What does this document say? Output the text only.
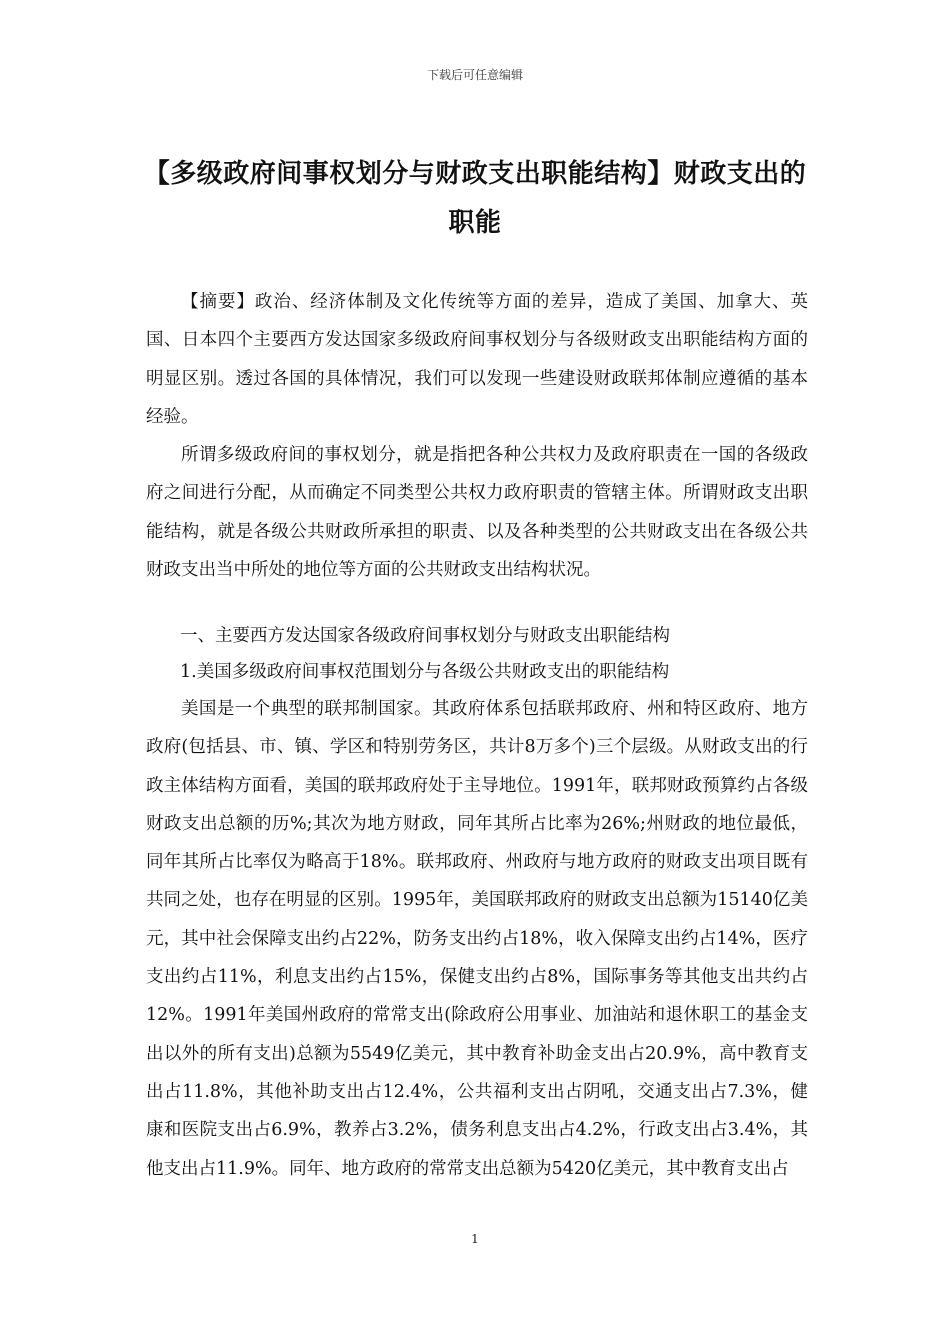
下载后可任意编辑
【多级政府间事权划分与财政支出职能结构】财政支出的
职能

【摘要】政治、经济体制及文化传统等方面的差异，造成了美国、加拿大、英国、日本四个主要西方发达国家多级政府间事权划分与各级财政支出职能结构方面的明显区别。透过各国的具体情况，我们可以发现一些建设财政联邦体制应遵循的基本经验。

所谓多级政府间的事权划分，就是指把各种公共权力及政府职责在一国的各级政府之间进行分配，从而确定不同类型公共权力政府职责的管辖主体。所谓财政支出职能结构，就是各级公共财政所承担的职责、以及各种类型的公共财政支出在各级公共财政支出当中所处的地位等方面的公共财政支出结构状况。

一、主要西方发达国家各级政府间事权划分与财政支出职能结构

1.美国多级政府间事权范围划分与各级公共财政支出的职能结构

美国是一个典型的联邦制国家。其政府体系包括联邦政府、州和特区政府、地方政府(包括县、市、镇、学区和特别劳务区，共计8万多个)三个层级。从财政支出的行政主体结构方面看，美国的联邦政府处于主导地位。1991年，联邦财政预算约占各级财政支出总额的历%;其次为地方财政，同年其所占比率为26%;州财政的地位最低，同年其所占比率仅为略高于18%。联邦政府、州政府与地方政府的财政支出项目既有共同之处，也存在明显的区别。1995年，美国联邦政府的财政支出总额为15140亿美元，其中社会保障支出约占22%，防务支出约占18%，收入保障支出约占14%，医疗支出约占11%，利息支出约占15%，保健支出约占8%，国际事务等其他支出共约占12%。1991年美国州政府的常常支出(除政府公用事业、加油站和退休职工的基金支出以外的所有支出)总额为5549亿美元，其中教育补助金支出占20.9%，高中教育支出占11.8%，其他补助支出占12.4%，公共福利支出占阴吼，交通支出占7.3%，健康和医院支出占6.9%，教养占3.2%，债务利息支出占4.2%，行政支出占3.4%，其他支出占11.9%。同年、地方政府的常常支出总额为5420亿美元，其中教育支出占

1
